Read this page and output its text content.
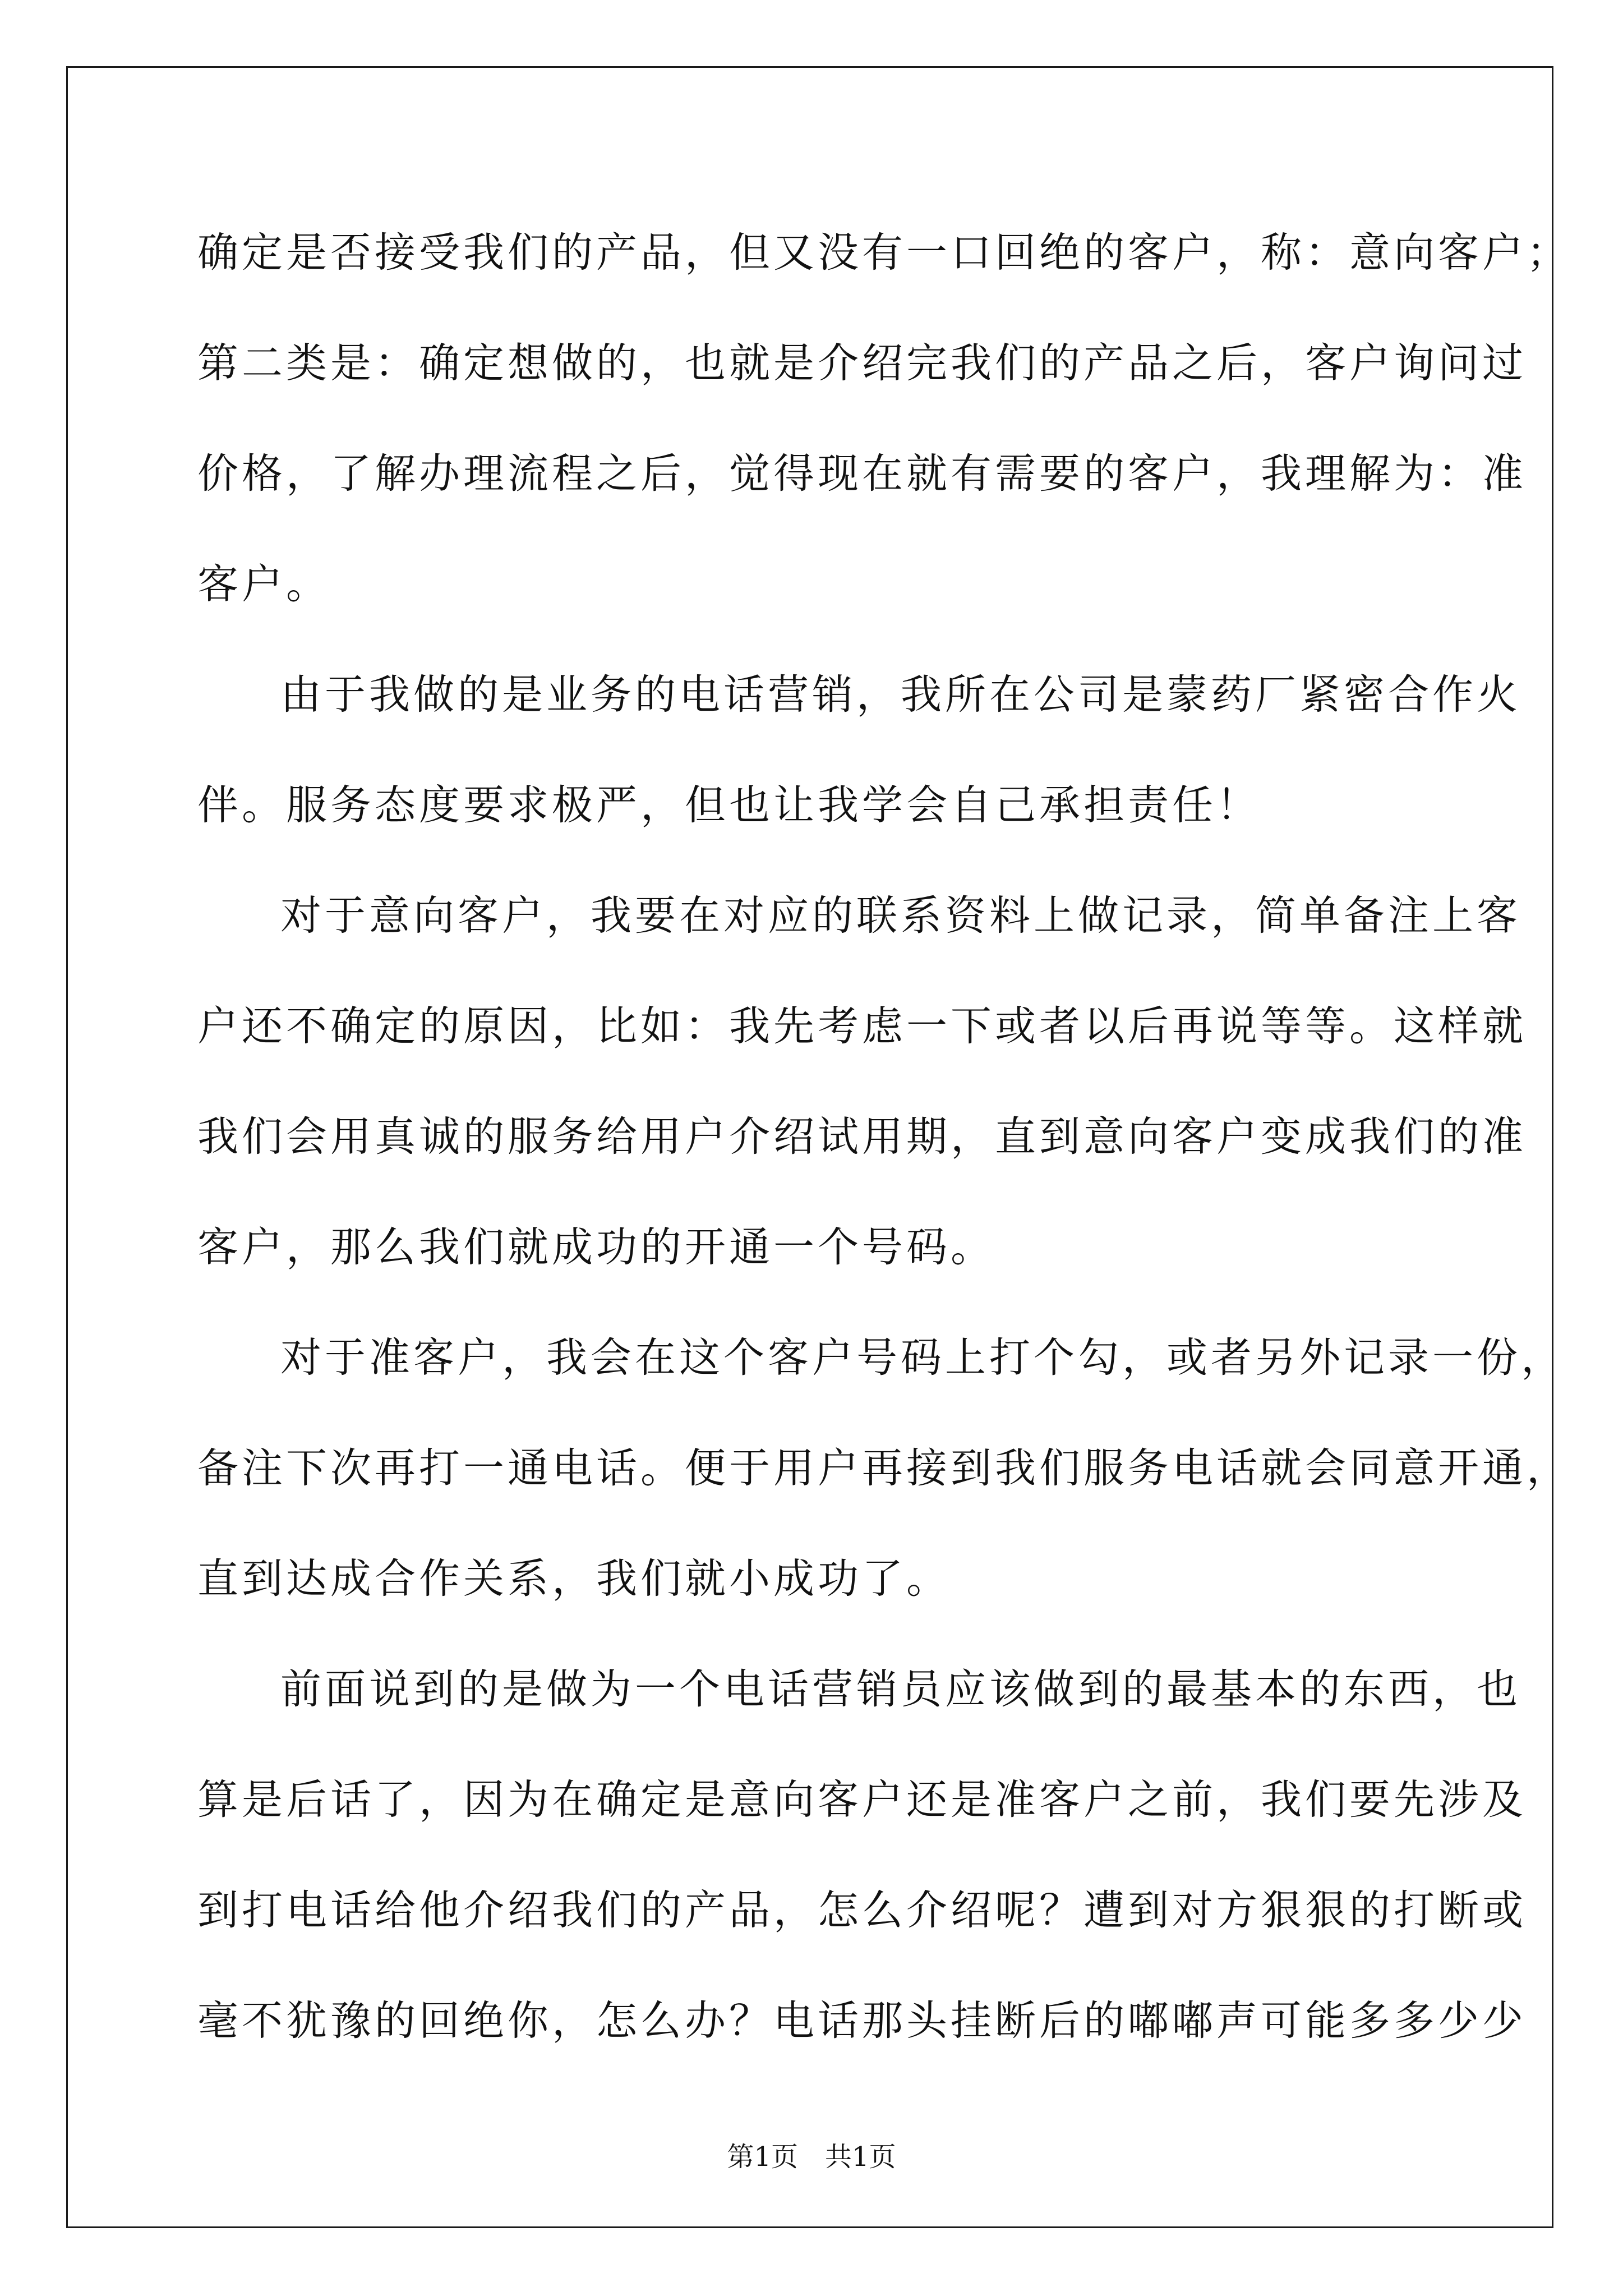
确定是否接受我们的产品，但又没有一口回绝的客户，称：意向客户；
第二类是：确定想做的，也就是介绍完我们的产品之后，客户询问过
价格，了解办理流程之后，觉得现在就有需要的客户，我理解为：准
客户。
由于我做的是业务的电话营销，我所在公司是蒙药厂紧密合作火
伴。服务态度要求极严，但也让我学会自己承担责任！
对于意向客户，我要在对应的联系资料上做记录，简单备注上客
户还不确定的原因，比如：我先考虑一下或者以后再说等等。这样就
我们会用真诚的服务给用户介绍试用期，直到意向客户变成我们的准
客户，那么我们就成功的开通一个号码。
对于准客户，我会在这个客户号码上打个勾，或者另外记录一份，
备注下次再打一通电话。便于用户再接到我们服务电话就会同意开通，
直到达成合作关系，我们就小成功了。
前面说到的是做为一个电话营销员应该做到的最基本的东西，也
算是后话了，因为在确定是意向客户还是准客户之前，我们要先涉及
到打电话给他介绍我们的产品，怎么介绍呢？遭到对方狠狠的打断或
毫不犹豫的回绝你，怎么办？电话那头挂断后的嘟嘟声可能多多少少
第1页 共1页
